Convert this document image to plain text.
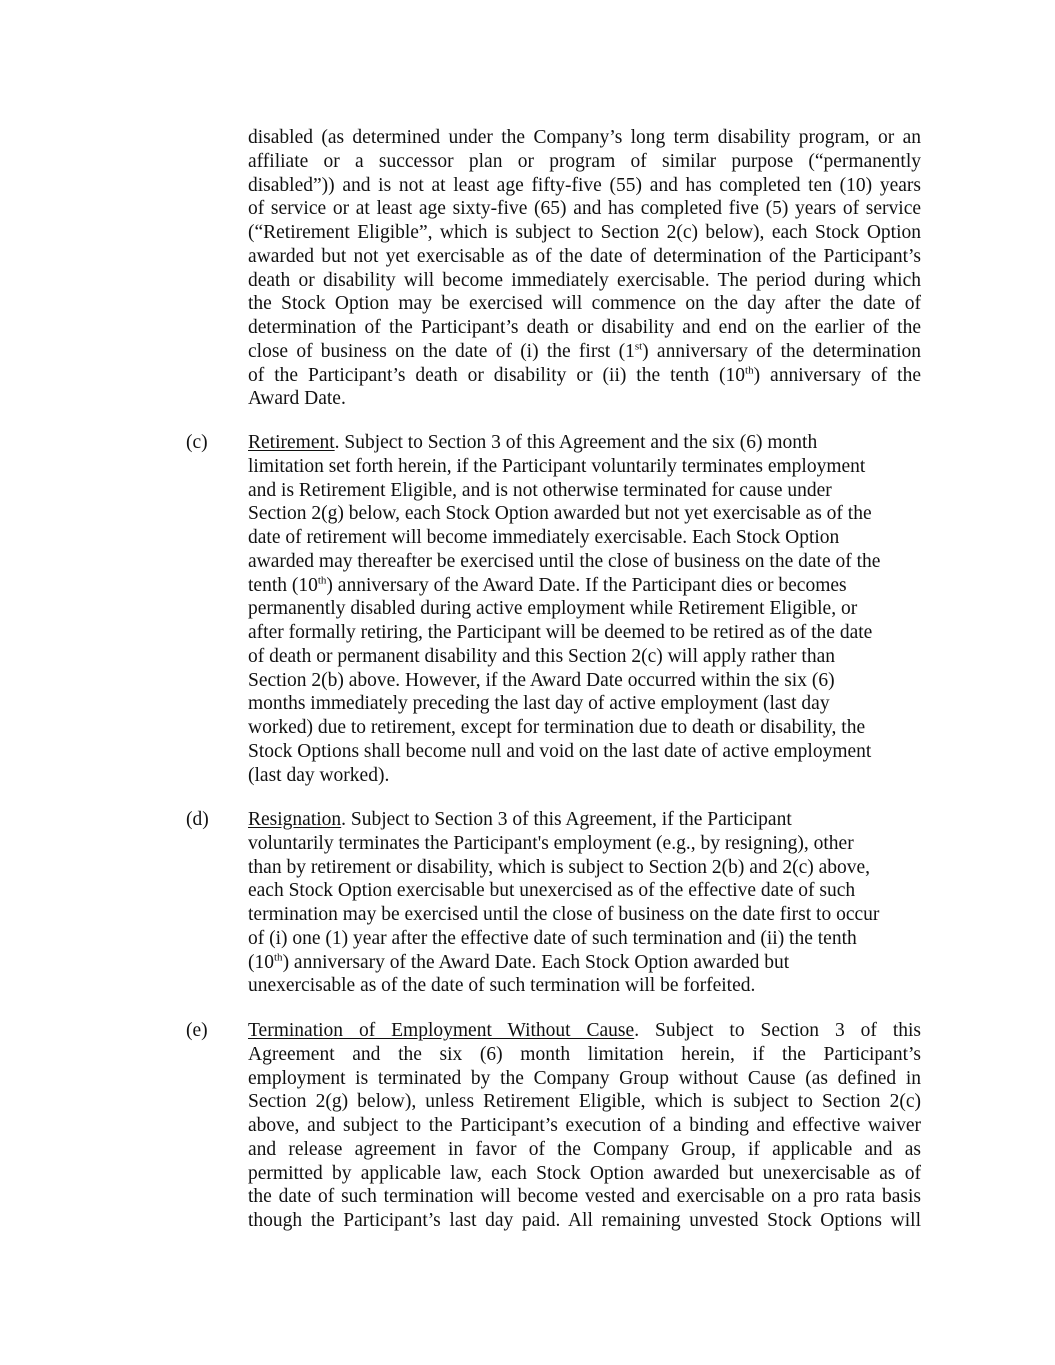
disabled (as determined under the Company’s long term disability program, or an
affiliate or a successor plan or program of similar purpose (“permanently
disabled”)) and is not at least age fifty-five (55) and has completed ten (10) years
of service or at least age sixty-five (65) and has completed five (5) years of service
(“Retirement Eligible”, which is subject to Section 2(c) below), each Stock Option
awarded but not yet exercisable as of the date of determination of the Participant’s
death or disability will become immediately exercisable. The period during which
the Stock Option may be exercised will commence on the day after the date of
determination of the Participant’s death or disability and end on the earlier of the
close of business on the date of (i) the first (1st) anniversary of the determination
of the Participant’s death or disability or (ii) the tenth (10th) anniversary of the
Award Date.
(c) Retirement. Subject to Section 3 of this Agreement and the six (6) month
limitation set forth herein, if the Participant voluntarily terminates employment
and is Retirement Eligible, and is not otherwise terminated for cause under
Section 2(g) below, each Stock Option awarded but not yet exercisable as of the
date of retirement will become immediately exercisable. Each Stock Option
awarded may thereafter be exercised until the close of business on the date of the
tenth (10th) anniversary of the Award Date. If the Participant dies or becomes
permanently disabled during active employment while Retirement Eligible, or
after formally retiring, the Participant will be deemed to be retired as of the date
of death or permanent disability and this Section 2(c) will apply rather than
Section 2(b) above. However, if the Award Date occurred within the six (6)
months immediately preceding the last day of active employment (last day
worked) due to retirement, except for termination due to death or disability, the
Stock Options shall become null and void on the last date of active employment
(last day worked).
(d) Resignation. Subject to Section 3 of this Agreement, if the Participant
voluntarily terminates the Participant's employment (e.g., by resigning), other
than by retirement or disability, which is subject to Section 2(b) and 2(c) above,
each Stock Option exercisable but unexercised as of the effective date of such
termination may be exercised until the close of business on the date first to occur
of (i) one (1) year after the effective date of such termination and (ii) the tenth
(10th) anniversary of the Award Date. Each Stock Option awarded but
unexercisable as of the date of such termination will be forfeited.
(e) Termination of Employment Without Cause. Subject to Section 3 of this
Agreement and the six (6) month limitation herein, if the Participant’s
employment is terminated by the Company Group without Cause (as defined in
Section 2(g) below), unless Retirement Eligible, which is subject to Section 2(c)
above, and subject to the Participant’s execution of a binding and effective waiver
and release agreement in favor of the Company Group, if applicable and as
permitted by applicable law, each Stock Option awarded but unexercisable as of
the date of such termination will become vested and exercisable on a pro rata basis
though the Participant’s last day paid. All remaining unvested Stock Options will
